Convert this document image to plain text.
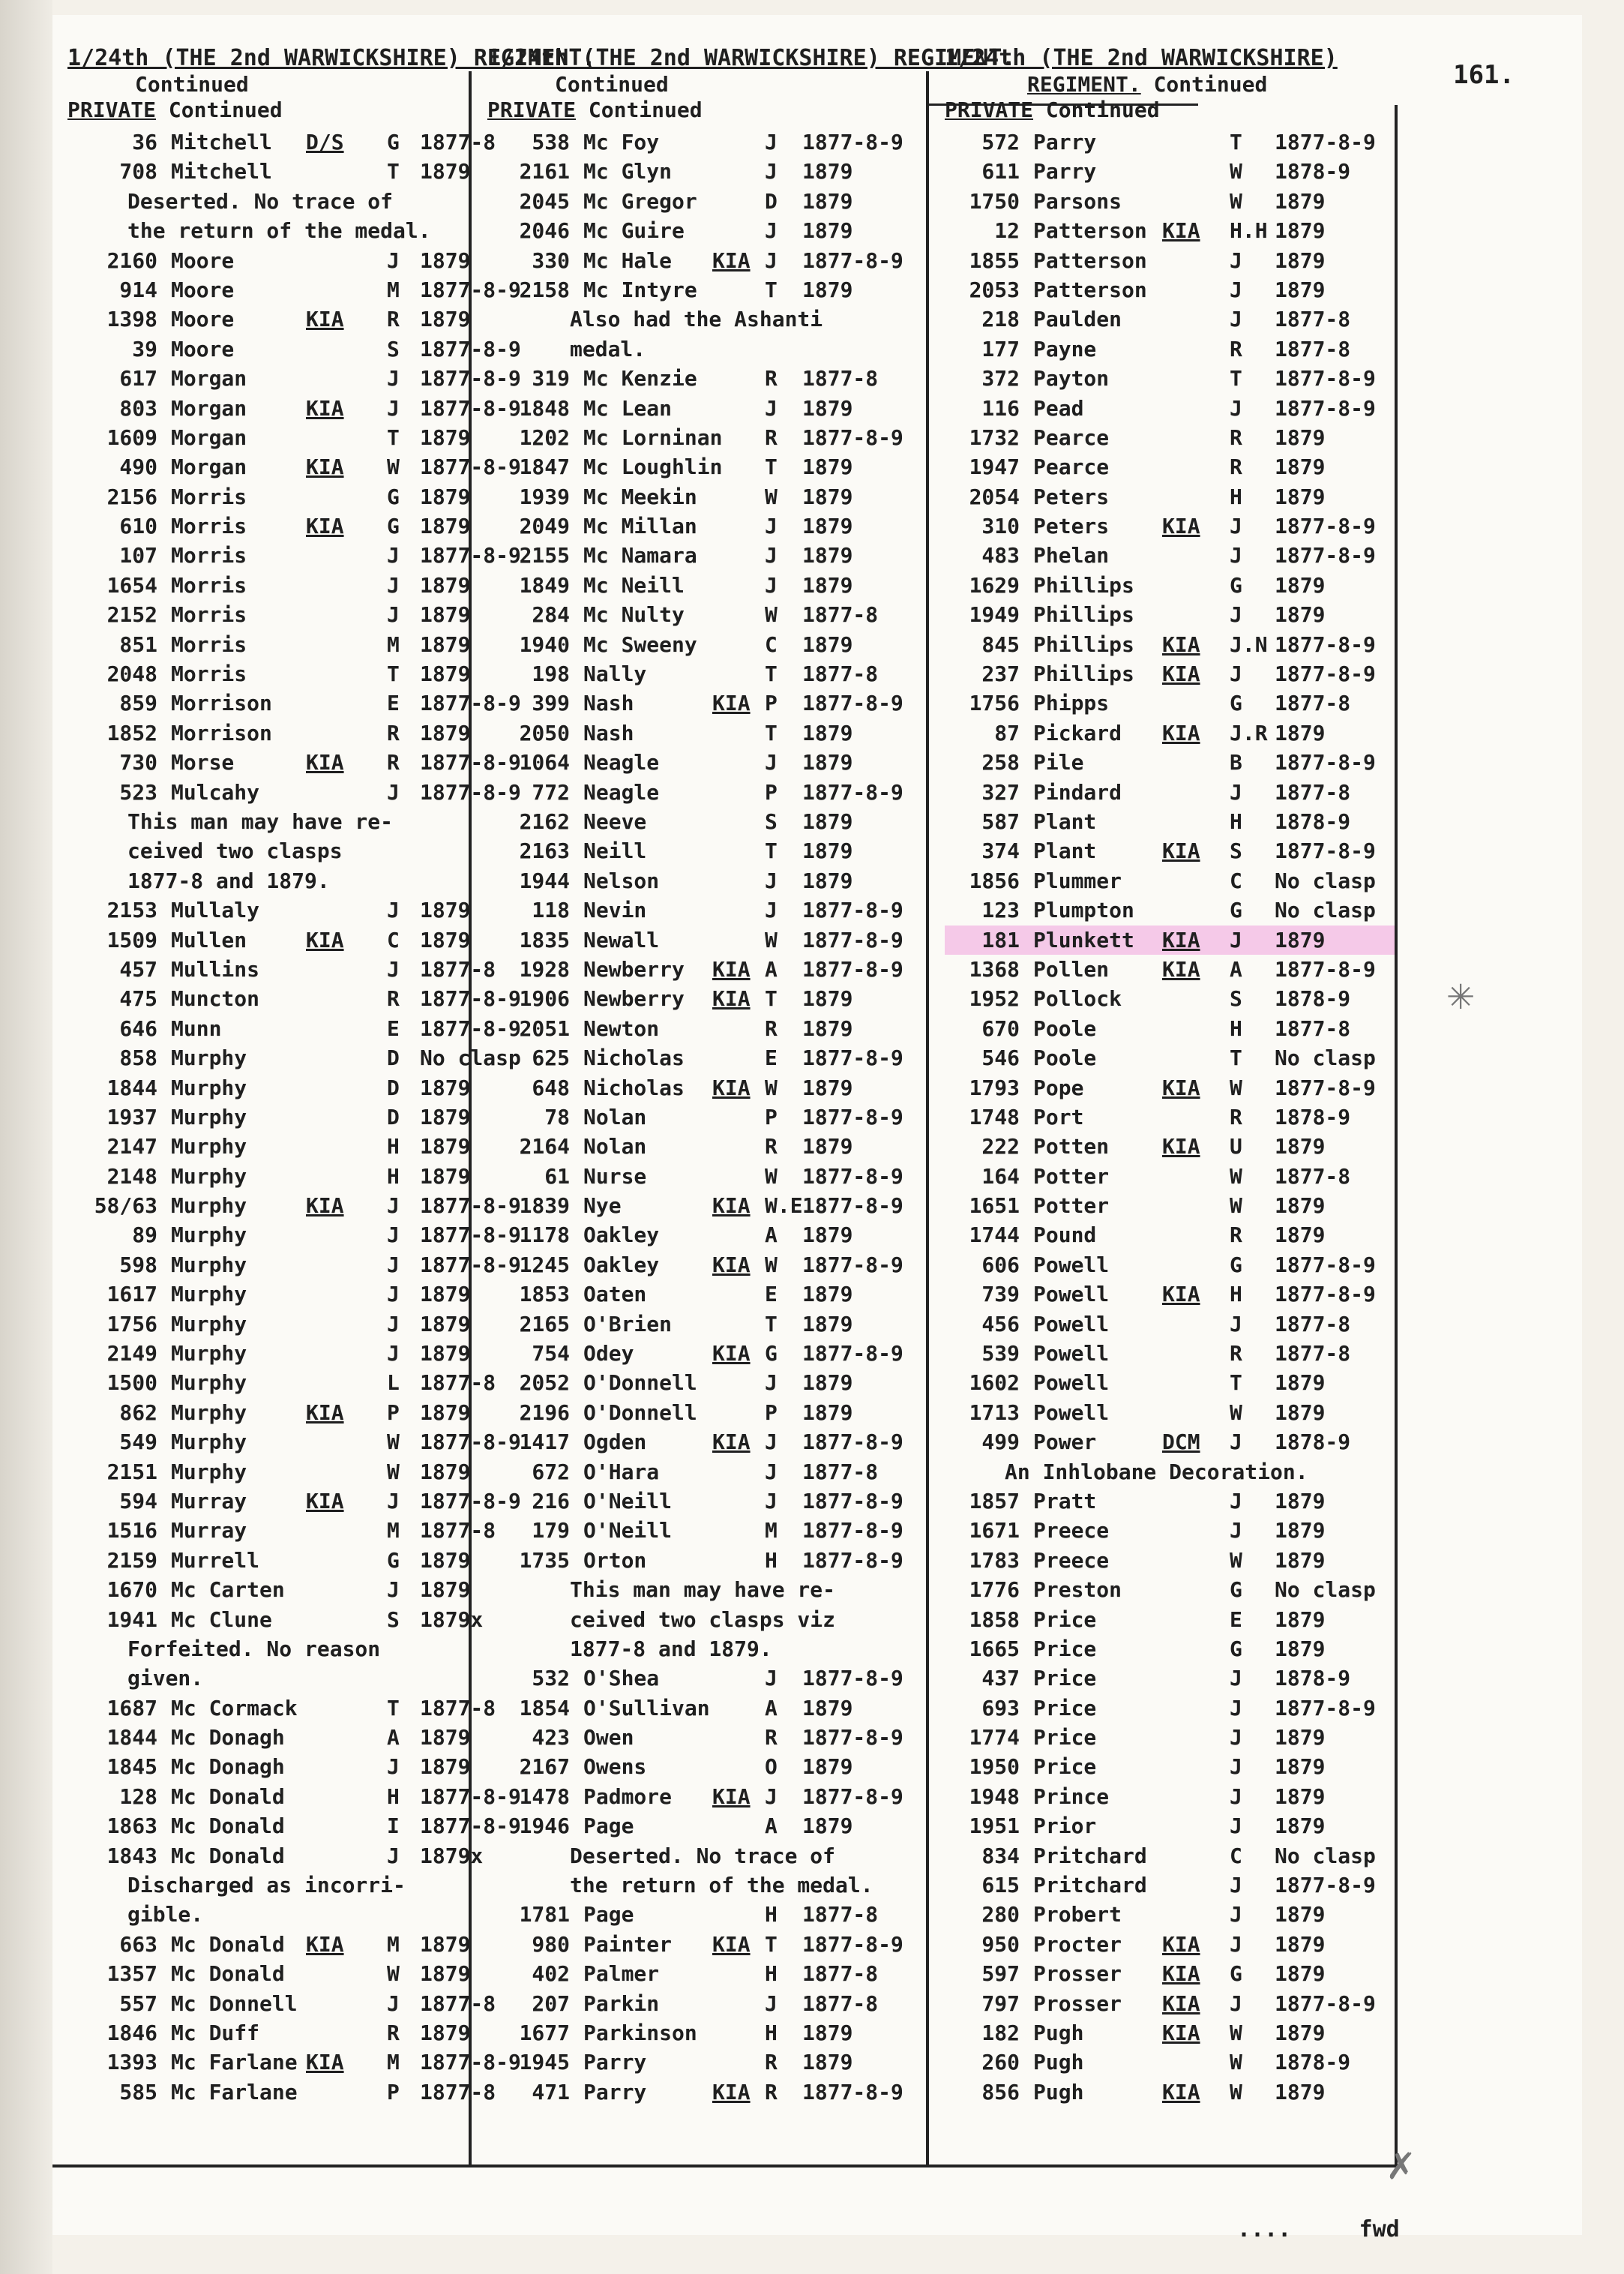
161.
1/24th (THE 2nd WARWICKSHIRE) REGIMENT.
Continued
PRIVATE Continued
36 Mitchell D/S G 1877-8
708 Mitchell	T 1879
Deserted. No trace of
the return of the medal.
2160 Moore	J 1879
914 Moore	M 1877-8-9
1398 Moore	KIA R 1879
39 Moore	S 1877-8-9
617 Morgan	J 1877-8-9
803 Morgan	KIA J 1877-8-9
1609 Morgan	T 1879
490 Morgan	KIA W 1877-8-9
2156 Morris	G 1879
610 Morris	KIA G 1879
107 Morris	J 1877-8-9
1654 Morris	J 1879
2152 Morris	J 1879
851 Morris	M 1879
2048 Morris	T 1879
859 Morrison	E 1877-8-9
1852 Morrison	R 1879
730 Morse	KIA R 1877-8-9
523 Mulcahy	J 1877-8-9
This man may have re-
ceived two clasps
1877-8 and 1879.
2153 Mullaly	J 1879
1509 Mullen	KIA C 1879
457 Mullins	J 1877-8
475 Muncton	R 1877-8-9
646 Munn	E 1877-8-9
858 Murphy	D No clasp
1844 Murphy	D 1879
1937 Murphy	D 1879
2147 Murphy	H 1879
2148 Murphy	H 1879
58/63 Murphy	KIA J 1877-8-9
89 Murphy	J 1877-8-9
598 Murphy	J 1877-8-9
1617 Murphy	J 1879
1756 Murphy	J 1879
2149 Murphy	J 1879
1500 Murphy	L 1877-8
862 Murphy	KIA P 1879
549 Murphy	W 1877-8-9
2151 Murphy	W 1879
594 Murray	KIA J 1877-8-9
1516 Murray	M 1877-8
2159 Murrell	G 1879
1670 Mc Carten	J 1879
1941 Mc Clune	S 1879x
Forfeited. No reason
given.
1687 Mc Cormack	T 1877-8
1844 Mc Donagh	A 1879
1845 Mc Donagh	J 1879
128 Mc Donald	H 1877-8-9
1863 Mc Donald	I 1877-8-9
1843 Mc Donald	J 1879x
Discharged as incorri-
gible.
663 Mc Donald KIA M 1879
1357 Mc Donald	W 1879
557 Mc Donnell	J 1877-8
1846 Mc Duff	R 1879
1393 Mc Farlane KIA M 1877-8-9
585 Mc Farlane	P 1877-8
1/24th (THE 2nd WARWICKSHIRE) REGIMENT.
Continued
PRIVATE Continued
538 Mc Foy	J 1877-8-9
2161 Mc Glyn	J 1879
2045 Mc Gregor	D 1879
2046 Mc Guire	J 1879
330 Mc Hale KIA J 1877-8-9
2158 Mc Intyre	T 1879
Also had the Ashanti
medal.
319 Mc Kenzie	R 1877-8
1848 Mc Lean	J 1879
1202 Mc Lorninan R 1877-8-9
1847 Mc Loughlin T 1879
1939 Mc Meekin	W 1879
2049 Mc Millan	J 1879
2155 Mc Namara	J 1879
1849 Mc Neill	J 1879
284 Mc Nulty	W 1877-8
1940 Mc Sweeny	C 1879
198 Nally	T 1877-8
399 Nash	KIA P 1877-8-9
2050 Nash	T 1879
1064 Neagle	J 1879
772 Neagle	P 1877-8-9
2162 Neeve	S 1879
2163 Neill	T 1879
1944 Nelson	J 1879
118 Nevin	J 1877-8-9
1835 Newall	W 1877-8-9
1928 Newberry KIA A 1877-8-9
1906 Newberry KIA T 1879
2051 Newton	R 1879
625 Nicholas	E 1877-8-9
648 Nicholas KIA W 1879
78 Nolan	P 1877-8-9
2164 Nolan	R 1879
61 Nurse	W 1877-8-9
1839 Nye	KIA W.E 1877-8-9
1178 Oakley	A 1879
1245 Oakley	KIA W 1877-8-9
1853 Oaten	E 1879
2165 O'Brien	T 1879
754 Odey	KIA G 1877-8-9
2052 O'Donnell	J 1879
2196 O'Donnell	P 1879
1417 Ogden	KIA J 1877-8-9
672 O'Hara	J 1877-8
216 O'Neill	J 1877-8-9
179 O'Neill	M 1877-8-9
1735 Orton	H 1877-8-9
This man may have re-
ceived two clasps viz
1877-8 and 1879.
532 O'Shea	J 1877-8-9
1854 O'Sullivan	A 1879
423 Owen	R 1877-8-9
2167 Owens	O 1879
1478 Padmore KIA J 1877-8-9
1946 Page	A 1879
Deserted. No trace of
the return of the medal.
1781 Page	H 1877-8
980 Painter KIA T 1877-8-9
402 Palmer	H 1877-8
207 Parkin	J 1877-8
1677 Parkinson	H 1879
1945 Parry	R 1879
471 Parry	KIA R 1877-8-9
1/24th (THE 2nd WARWICKSHIRE)
REGIMENT. Continued
PRIVATE Continued
572 Parry	T 1877-8-9
611 Parry	W 1878-9
1750 Parsons	W 1879
12 Patterson KIA H.H 1879
1855 Patterson	J 1879
2053 Patterson	J 1879
218 Paulden	J 1877-8
177 Payne	R 1877-8
372 Payton	T 1877-8-9
116 Pead	J 1877-8-9
1732 Pearce	R 1879
1947 Pearce	R 1879
2054 Peters	H 1879
310 Peters	KIA J 1877-8-9
483 Phelan	J 1877-8-9
1629 Phillips	G 1879
1949 Phillips	J 1879
845 Phillips KIA J.N 1877-8-9
237 Phillips KIA J 1877-8-9
1756 Phipps	G 1877-8
87 Pickard KIA J.R 1879
258 Pile	B 1877-8-9
327 Pindard	J 1877-8
587 Plant	H 1878-9
374 Plant	KIA S 1877-8-9
1856 Plummer	C No clasp
123 Plumpton	G No clasp
181 Plunkett KIA J 1879
1368 Pollen	KIA A 1877-8-9
1952 Pollock	S 1878-9
670 Poole	H 1877-8
546 Poole	T No clasp
1793 Pope	KIA W 1877-8-9
1748 Port	R 1878-9
222 Potten	KIA U 1879
164 Potter	W 1877-8
1651 Potter	W 1879
1744 Pound	R 1879
606 Powell	G 1877-8-9
739 Powell	KIA H 1877-8-9
456 Powell	J 1877-8
539 Powell	R 1877-8
1602 Powell	T 1879
1713 Powell	W 1879
499 Power	DCM J 1878-9
An Inhlobane Decoration.
1857 Pratt	J 1879
1671 Preece	J 1879
1783 Preece	W 1879
1776 Preston	G No clasp
1858 Price	E 1879
1665 Price	G 1879
437 Price	J 1878-9
693 Price	J 1877-8-9
1774 Price	J 1879
1950 Price	J 1879
1948 Prince	J 1879
1951 Prior	J 1879
834 Pritchard	C No clasp
615 Pritchard	J 1877-8-9
280 Probert	J 1879
950 Procter KIA J 1879
597 Prosser KIA G 1879
797 Prosser KIA J 1877-8-9
182 Pugh	KIA W 1879
260 Pugh	W 1878-9
856 Pugh	KIA W 1879
✳
✗
....	fwd
